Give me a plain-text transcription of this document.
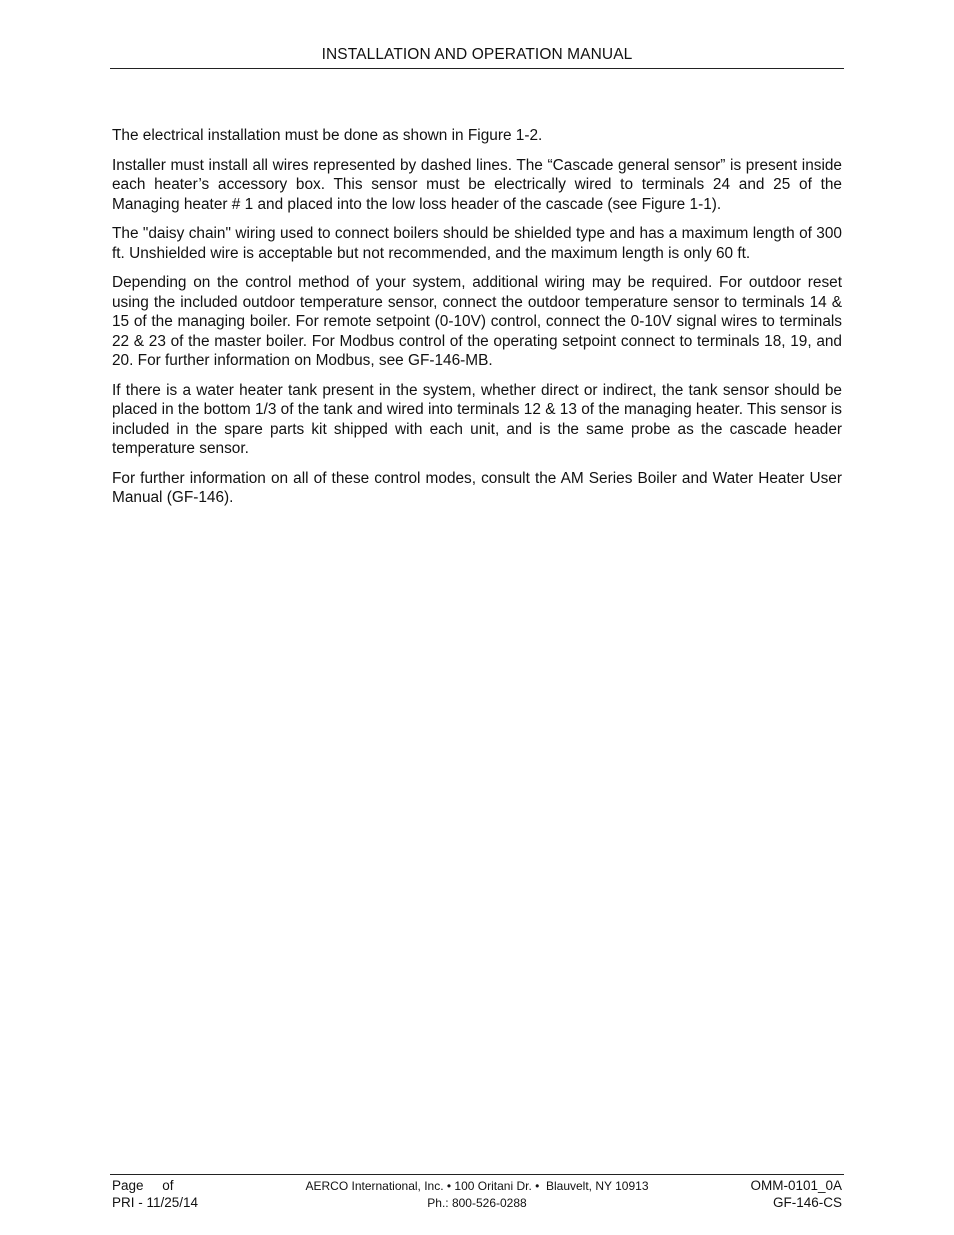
INSTALLATION AND OPERATION MANUAL

The electrical installation must be done as shown in Figure 1-2.

Installer must install all wires represented by dashed lines. The “Cascade general sensor” is present inside each heater’s accessory box. This sensor must be electrically wired to terminals 24 and 25 of the Managing heater # 1 and placed into the low loss header of the cascade (see Figure 1-1).

The "daisy chain" wiring used to connect boilers should be shielded type and has a maximum length of 300 ft. Unshielded wire is acceptable but not recommended, and the maximum length is only 60 ft.

Depending on the control method of your system, additional wiring may be required. For outdoor reset using the included outdoor temperature sensor, connect the outdoor temperature sensor to terminals 14 & 15 of the managing boiler. For remote setpoint (0-10V) control, connect the 0-10V signal wires to terminals 22 & 23 of the master boiler. For Modbus control of the operating setpoint connect to terminals 18, 19, and 20. For further information on Modbus, see GF-146-MB.

If there is a water heater tank present in the system, whether direct or indirect, the tank sensor should be placed in the bottom 1/3 of the tank and wired into terminals 12 & 13 of the managing heater. This sensor is included in the spare parts kit shipped with each unit, and is the same probe as the cascade header temperature sensor.

For further information on all of these control modes, consult the AM Series Boiler and Water Heater User Manual (GF-146).

Page     of
PRI - 11/25/14
AERCO International, Inc. • 100 Oritani Dr. •  Blauvelt, NY 10913
Ph.: 800-526-0288
OMM-0101_0A
GF-146-CS
